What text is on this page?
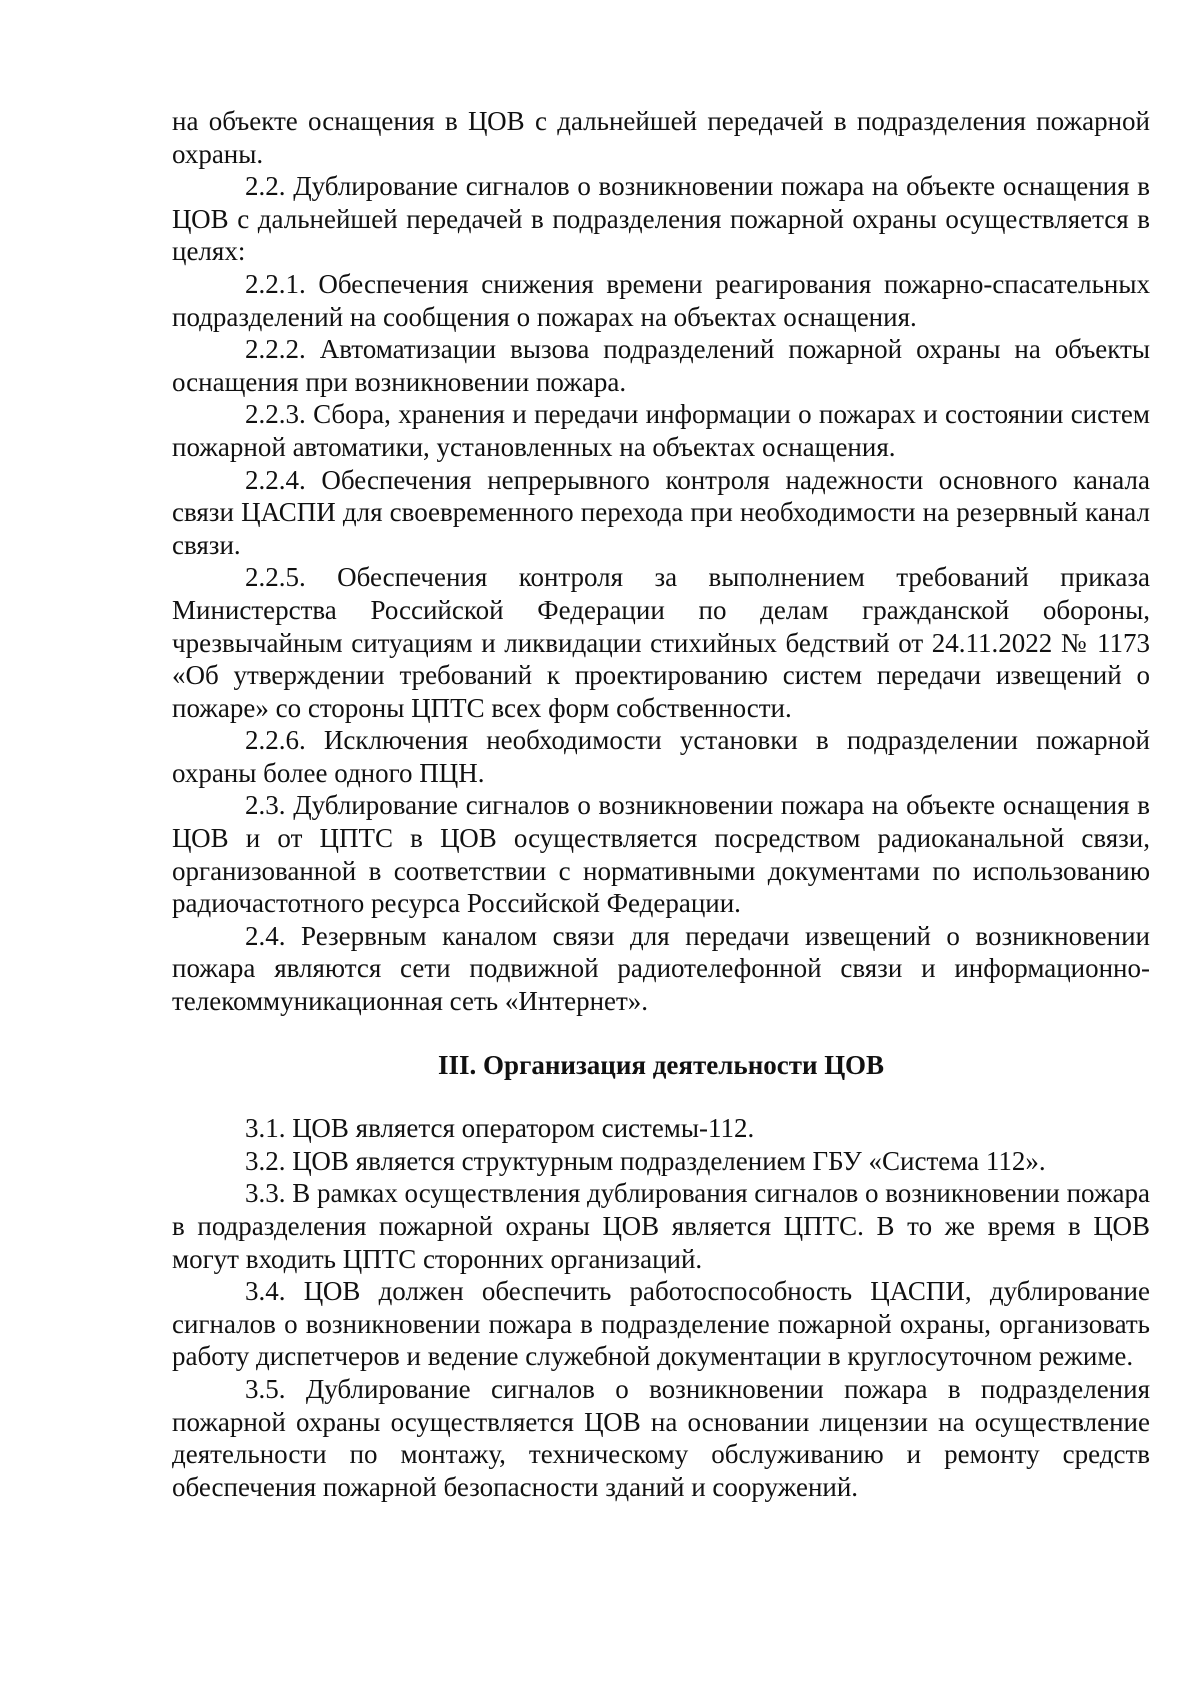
на объекте оснащения в ЦОВ с дальнейшей передачей в подразделения пожарной охраны.

2.2. Дублирование сигналов о возникновении пожара на объекте оснащения в ЦОВ с дальнейшей передачей в подразделения пожарной охраны осуществляется в целях:

2.2.1. Обеспечения снижения времени реагирования пожарно-спасательных подразделений на сообщения о пожарах на объектах оснащения.

2.2.2. Автоматизации вызова подразделений пожарной охраны на объекты оснащения при возникновении пожара.

2.2.3. Сбора, хранения и передачи информации о пожарах и состоянии систем пожарной автоматики, установленных на объектах оснащения.

2.2.4. Обеспечения непрерывного контроля надежности основного канала связи ЦАСПИ для своевременного перехода при необходимости на резервный канал связи.

2.2.5. Обеспечения контроля за выполнением требований приказа Министерства Российской Федерации по делам гражданской обороны, чрезвычайным ситуациям и ликвидации стихийных бедствий от 24.11.2022 № 1173 «Об утверждении требований к проектированию систем передачи извещений о пожаре» со стороны ЦПТС всех форм собственности.

2.2.6. Исключения необходимости установки в подразделении пожарной охраны более одного ПЦН.

2.3. Дублирование сигналов о возникновении пожара на объекте оснащения в ЦОВ и от ЦПТС в ЦОВ осуществляется посредством радиоканальной связи, организованной в соответствии с нормативными документами по использованию радиочастотного ресурса Российской Федерации.

2.4. Резервным каналом связи для передачи извещений о возникновении пожара являются сети подвижной радиотелефонной связи и информационно-телекоммуникационная сеть «Интернет».

III. Организация деятельности ЦОВ

3.1. ЦОВ является оператором системы-112.

3.2. ЦОВ является структурным подразделением ГБУ «Система 112».

3.3. В рамках осуществления дублирования сигналов о возникновении пожара в подразделения пожарной охраны ЦОВ является ЦПТС. В то же время в ЦОВ могут входить ЦПТС сторонних организаций.

3.4. ЦОВ должен обеспечить работоспособность ЦАСПИ, дублирование сигналов о возникновении пожара в подразделение пожарной охраны, организовать работу диспетчеров и ведение служебной документации в круглосуточном режиме.

3.5. Дублирование сигналов о возникновении пожара в подразделения пожарной охраны осуществляется ЦОВ на основании лицензии на осуществление деятельности по монтажу, техническому обслуживанию и ремонту средств обеспечения пожарной безопасности зданий и сооружений.
